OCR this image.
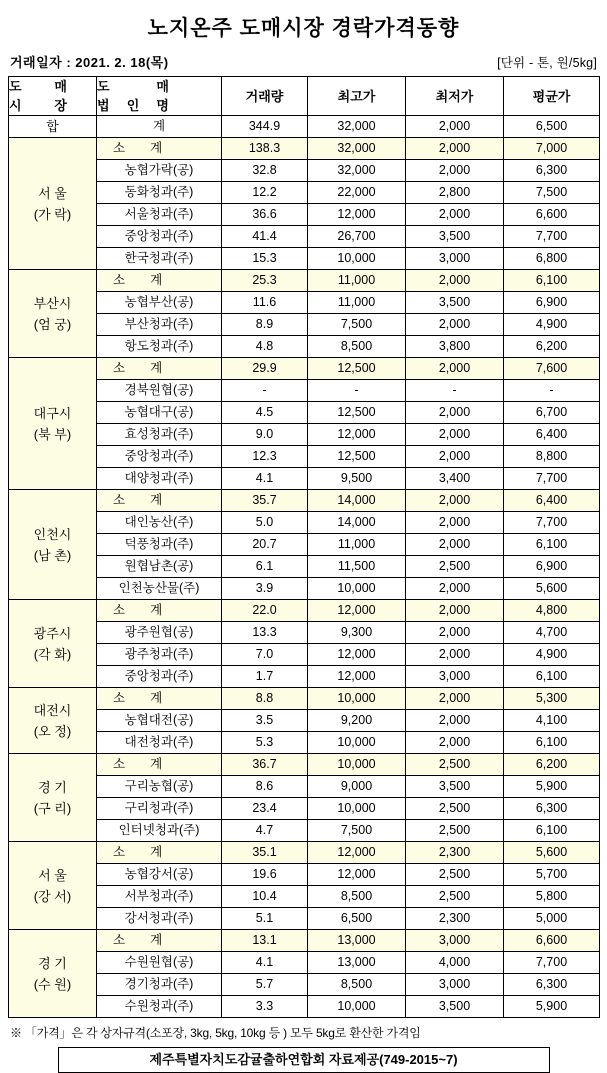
노지온주 도매시장 경락가격동향
거래일자 : 2021. 2. 18(목)	[단위 - 톤, 원/5kg]
도 매
시 장	도 매
법 인 명	거래량	최고가	최저가	평균가
합	계	344.9	32,000	2,000	6,500

서 울
(가 락)	소  계	138.3	32,000	2,000	7,000
	농협가락(공)	32.8	32,000	2,000	6,300
	동화청과(주)	12.2	22,000	2,800	7,500
	서울청과(주)	36.6	12,000	2,000	6,600
	중앙청과(주)	41.4	26,700	3,500	7,700
	한국청과(주)	15.3	10,000	3,000	6,800

부산시
(엄 궁)	소  계	25.3	11,000	2,000	6,100
	농협부산(공)	11.6	11,000	3,500	6,900
	부산청과(주)	8.9	7,500	2,000	4,900
	항도청과(주)	4.8	8,500	3,800	6,200

대구시
(북 부)	소  계	29.9	12,500	2,000	7,600
	경북원협(공)	-	-	-	-
	농협대구(공)	4.5	12,500	2,000	6,700
	효성청과(주)	9.0	12,000	2,000	6,400
	중앙청과(주)	12.3	12,500	2,000	8,800
	대양청과(주)	4.1	9,500	3,400	7,700

인천시
(남 촌)	소  계	35.7	14,000	2,000	6,400
	대인농산(주)	5.0	14,000	2,000	7,700
	덕풍청과(주)	20.7	11,000	2,000	6,100
	원협남촌(공)	6.1	11,500	2,500	6,900
	인천농산물(주)	3.9	10,000	2,000	5,600

광주시
(각 화)	소  계	22.0	12,000	2,000	4,800
	광주원협(공)	13.3	9,300	2,000	4,700
	광주청과(주)	7.0	12,000	2,000	4,900
	중앙청과(주)	1.7	12,000	3,000	6,100

대전시
(오 정)	소  계	8.8	10,000	2,000	5,300
	농협대전(공)	3.5	9,200	2,000	4,100
	대전청과(주)	5.3	10,000	2,000	6,100

경 기
(구 리)	소  계	36.7	10,000	2,500	6,200
	구리농협(공)	8.6	9,000	3,500	5,900
	구리청과(주)	23.4	10,000	2,500	6,300
	인터넷청과(주)	4.7	7,500	2,500	6,100

서 울
(강 서)	소  계	35.1	12,000	2,300	5,600
	농협강서(공)	19.6	12,000	2,500	5,700
	서부청과(주)	10.4	8,500	2,500	5,800
	강서청과(주)	5.1	6,500	2,300	5,000

경 기
(수 원)	소  계	13.1	13,000	3,000	6,600
	수원원협(공)	4.1	13,000	4,000	7,700
	경기청과(주)	5.7	8,500	3,000	6,300
	수원청과(주)	3.3	10,000	3,500	5,900
※ 「가격」은 각 상자규격(소포장, 3kg, 5kg, 10kg 등 ) 모두 5kg로 환산한 가격임
제주특별자치도감귤출하연합회 자료제공(749-2015~7)
